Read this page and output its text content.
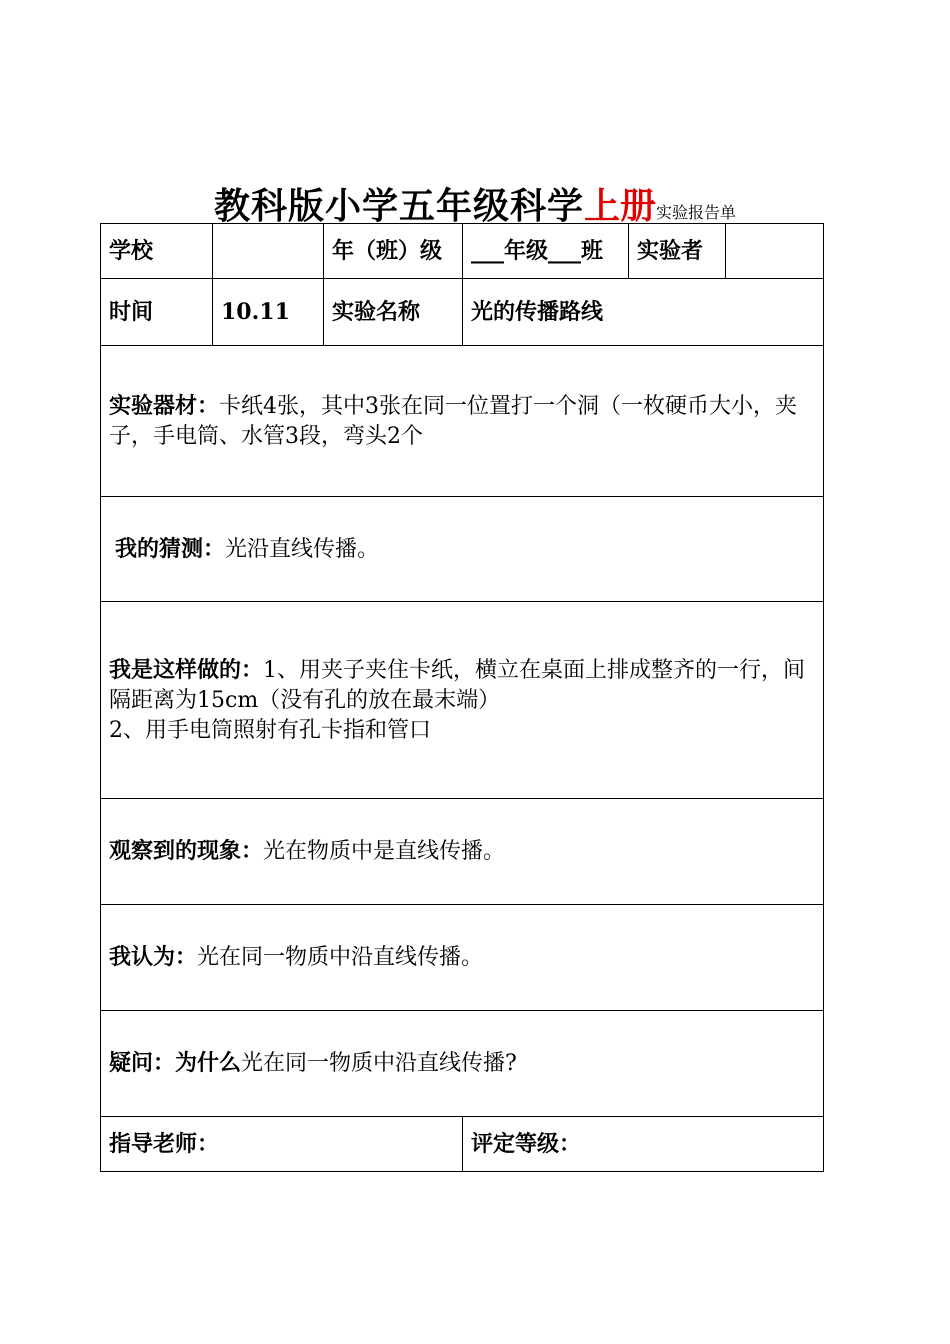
教科版小学五年级科学上册实验报告单
学校		年（班）级	___年级___班	实验者	
时间	10.11	实验名称	光的传播路线		
实验器材：卡纸4张，其中3张在同一位置打一个洞（一枚硬币大小，夹子，手电筒、水管3段，弯头2个					
我的猜测：光沿直线传播。					

我是这样做的：1、用夹子夹住卡纸，横立在桌面上排成整齐的一行，间隔距离为15cm（没有孔的放在最末端）
2、用手电筒照射有孔卡指和管口					

观察到的现象：光在物质中是直线传播。					
我认为：光在同一物质中沿直线传播。					
疑问：为什么光在同一物质中沿直线传播?					
指导老师：			评定等级：		
